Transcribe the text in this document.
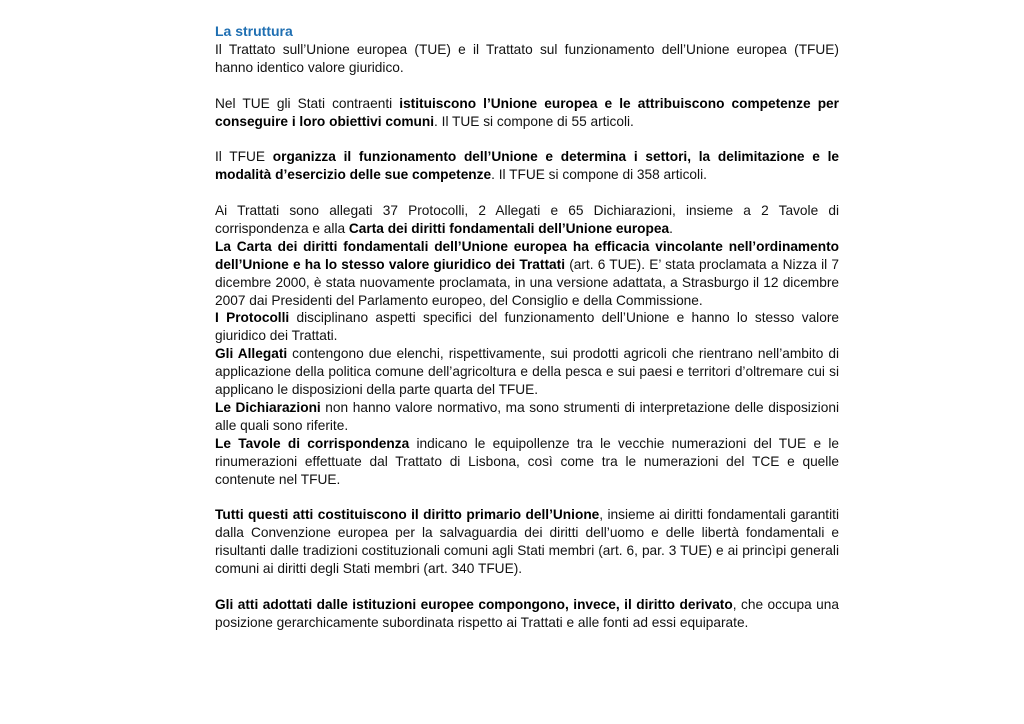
La struttura

Il Trattato sull’Unione europea (TUE) e il Trattato sul funzionamento dell’Unione europea (TFUE) hanno identico valore giuridico.

Nel TUE gli Stati contraenti istituiscono l’Unione europea e le attribuiscono competenze per conseguire i loro obiettivi comuni. Il TUE si compone di 55 articoli.

Il TFUE organizza il funzionamento dell’Unione e determina i settori, la delimitazione e le modalità d’esercizio delle sue competenze. Il TFUE si compone di 358 articoli.

Ai Trattati sono allegati 37 Protocolli, 2 Allegati e 65 Dichiarazioni, insieme a 2 Tavole di corrispondenza e alla Carta dei diritti fondamentali dell’Unione europea.

La Carta dei diritti fondamentali dell’Unione europea ha efficacia vincolante nell’ordinamento dell’Unione e ha lo stesso valore giuridico dei Trattati (art. 6 TUE). E’ stata proclamata a Nizza il 7 dicembre 2000, è stata nuovamente proclamata, in una versione adattata, a Strasburgo il 12 dicembre 2007 dai Presidenti del Parlamento europeo, del Consiglio e della Commissione.

I Protocolli disciplinano aspetti specifici del funzionamento dell’Unione e hanno lo stesso valore giuridico dei Trattati.

Gli Allegati contengono due elenchi, rispettivamente, sui prodotti agricoli che rientrano nell’ambito di applicazione della politica comune dell’agricoltura e della pesca e sui paesi e territori d’oltremare cui si applicano le disposizioni della parte quarta del TFUE.

Le Dichiarazioni non hanno valore normativo, ma sono strumenti di interpretazione delle disposizioni alle quali sono riferite.

Le Tavole di corrispondenza indicano le equipollenze tra le vecchie numerazioni del TUE e le rinumerazioni effettuate dal Trattato di Lisbona, così come tra le numerazioni del TCE e quelle contenute nel TFUE.

Tutti questi atti costituiscono il diritto primario dell’Unione, insieme ai diritti fondamentali garantiti dalla Convenzione europea per la salvaguardia dei diritti dell’uomo e delle libertà fondamentali e risultanti dalle tradizioni costituzionali comuni agli Stati membri (art. 6, par. 3 TUE) e ai princìpi generali comuni ai diritti degli Stati membri (art. 340 TFUE).

Gli atti adottati dalle istituzioni europee compongono, invece, il diritto derivato, che occupa una posizione gerarchicamente subordinata rispetto ai Trattati e alle fonti ad essi equiparate.
